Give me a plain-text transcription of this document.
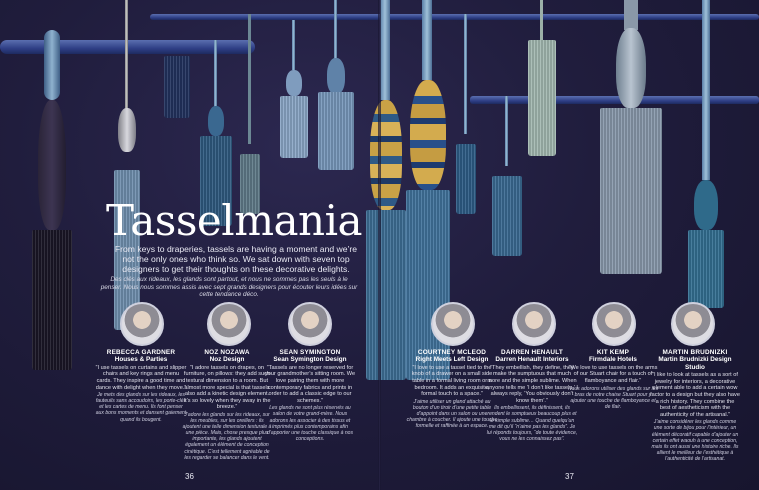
Tasselmania
From keys to draperies, tassels are having a moment and we’re not the only ones who think so. We sat down with seven top designers to get their thoughts on these decorative delights.
Des clés aux rideaux, les glands sont partout, et nous ne sommes pas les seuls à le penser. Nous nous sommes assis avec sept grands designers pour écouter leurs idées sur cette tendance déco.
REBECCA GARDNER
Houses & Parties
“I use tassels on curtains and slipper chairs and key rings and menu cards. They inspire a good time and dance with delight when they move.”
Je mets des glands sur les rideaux, les fauteuils sans accoudoirs, les porte-clés et les cartes de menu. Ils font penser aux bons moments et dansent gaiement quand ils bougent.
NOZ NOZAWA
Noz Design
“I adore tassels on drapes, on furniture, on pillows: they add such textural dimension to a room. But almost more special is that tassels also add a kinetic design element. It’s so lovely when they sway in the breeze.”
J’adore les glands sur les rideaux, sur les meubles, sur les oreillers : ils ajoutent une telle dimension texturale à une pièce. Mais, chose presque plus importante, les glands ajoutent également un élément de conception cinétique. C’est tellement agréable de les regarder se balancer dans le vent.
SEAN SYMINGTON
Sean Symington Design
“Tassels are no longer reserved for your grandmother’s sitting room. We love pairing them with more contemporary fabrics and prints in order to add a classic edge to our schemes.”
Les glands ne sont plus réservés au salon de votre grand-mère. Nous adorons les associer à des tissus et imprimés plus contemporains afin d’apporter une touche classique à nos conceptions.
COURTNEY MCLEOD
Right Meets Left Design
“I love to use a tassel tied to the knob of a drawer on a small side table in a formal living room or a bedroom. It adds an exquisite, formal touch to a space.”
J’aime utiliser un gland attaché au bouton d’un tiroir d’une petite table d’appoint dans un salon ou une chambre à coucher. Il ajoute une touche formelle et raffinée à un espace.
DARREN HENAULT
Darren Henault Interiors
“They embellish, they define, they make the sumptuous that much more and the simple sublime. When anyone tells me ‘I don’t like tassels,’ I always reply, ‘You obviously don’t know them’.”
Ils embellissent, ils définissent, ils rendent le somptueux beaucoup plus et le simple sublime… Quand quelqu’un me dit qu’il “n’aime pas les glands”. Je lui réponds toujours, “de toute évidence, vous ne les connaissez pas”.
KIT KEMP
Firmdale Hotels
“We love to use tassels on the arms of our Stuart chair for a touch of flamboyance and flair.”
Nous adorons utiliser des glands sur les bras de notre chaise Stuart pour y ajouter une touche de flamboyance et de flair.
MARTIN BRUDNIZKI
Martin Brudnizki Design Studio
“I like to look at tassels as a sort of jewelry for interiors, a decorative element able to add a certain wow factor to a design but they also have a rich history. They combine the best of aestheticism with the authenticity of the artisanal.”
J’aime considérer les glands comme une sorte de bijou pour l’intérieur, un élément décoratif capable d’ajouter un certain effet waouh à une conception, mais ils ont aussi une histoire riche. Ils allient le meilleur de l’esthétique à l’authenticité de l’artisanat.
36	37
